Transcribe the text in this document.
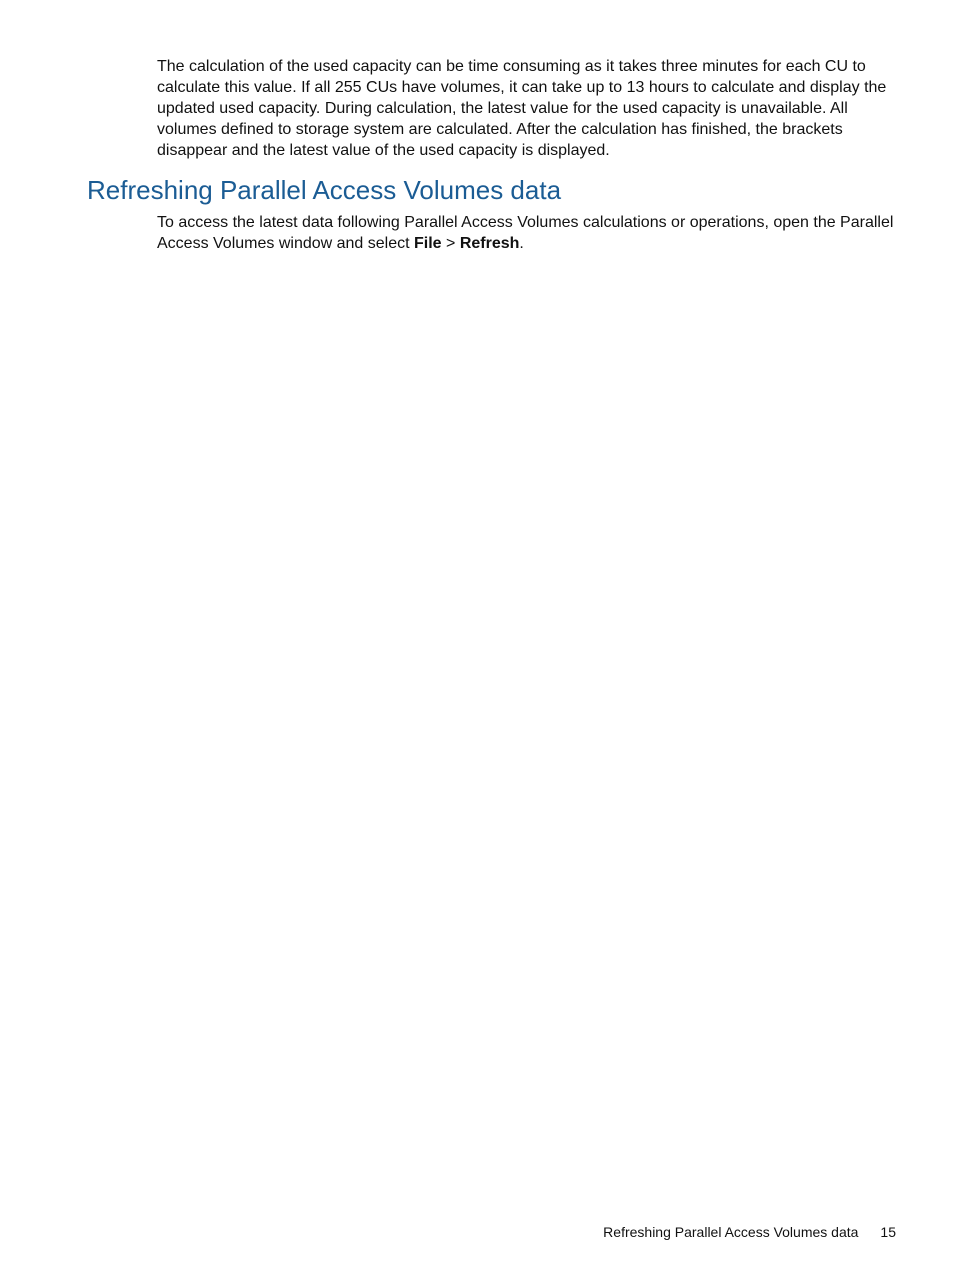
The calculation of the used capacity can be time consuming as it takes three minutes for each CU to calculate this value. If all 255 CUs have volumes, it can take up to 13 hours to calculate and display the updated used capacity. During calculation, the latest value for the used capacity is unavailable. All volumes defined to storage system are calculated. After the calculation has finished, the brackets disappear and the latest value of the used capacity is displayed.

Refreshing Parallel Access Volumes data

To access the latest data following Parallel Access Volumes calculations or operations, open the Parallel Access Volumes window and select File > Refresh.

Refreshing Parallel Access Volumes data 15
